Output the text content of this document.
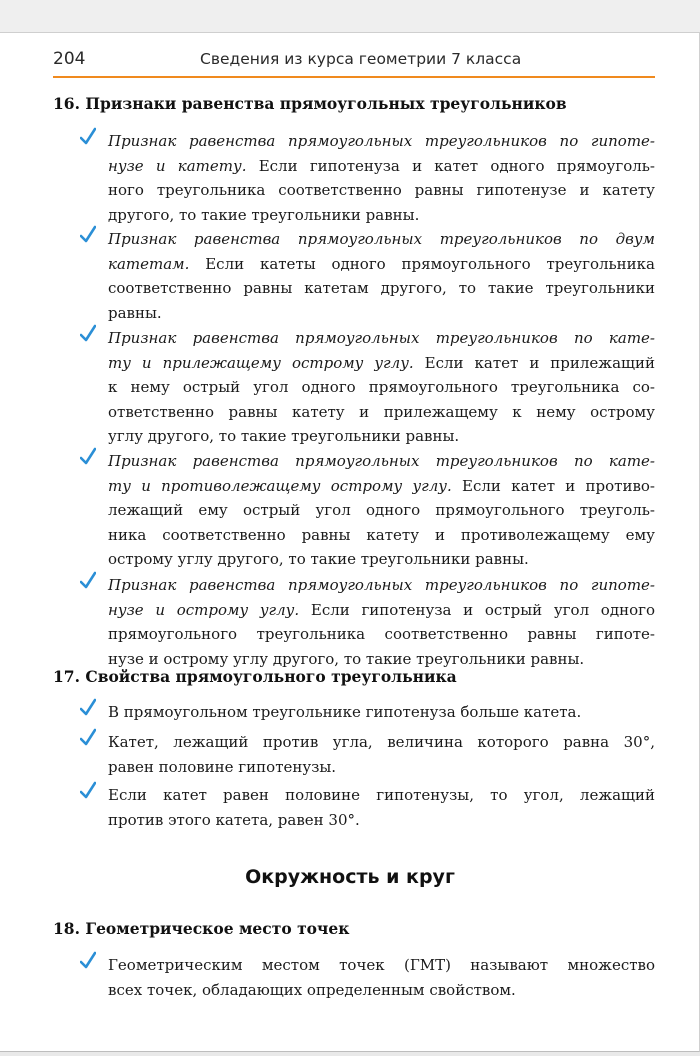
204	Сведения из курса геометрии 7 класса
16. Признаки равенства прямоугольных треугольников
Признак равенства прямоугольных треугольников по гипоте-
нузе и катету. Если гипотенуза и катет одного прямоуголь-
ного треугольника соответственно равны гипотенузе и катету
другого, то такие треугольники равны.
Признак равенства прямоугольных треугольников по двум
катетам. Если катеты одного прямоугольного треугольника
соответственно равны катетам другого, то такие треугольники
равны.
Признак равенства прямоугольных треугольников по кате-
ту и прилежащему острому углу. Если катет и прилежащий
к нему острый угол одного прямоугольного треугольника со-
ответственно равны катету и прилежащему к нему острому
углу другого, то такие треугольники равны.
Признак равенства прямоугольных треугольников по кате-
ту и противолежащему острому углу. Если катет и противо-
лежащий ему острый угол одного прямоугольного треуголь-
ника соответственно равны катету и противолежащему ему
острому углу другого, то такие треугольники равны.
Признак равенства прямоугольных треугольников по гипоте-
нузе и острому углу. Если гипотенуза и острый угол одного
прямоугольного треугольника соответственно равны гипоте-
нузе и острому углу другого, то такие треугольники равны.
17. Свойства прямоугольного треугольника
В прямоугольном треугольнике гипотенуза больше катета.
Катет, лежащий против угла, величина которого равна 30°,
равен половине гипотенузы.
Если катет равен половине гипотенузы, то угол, лежащий
против этого катета, равен 30°.
Окружность и круг
18. Геометрическое место точек
Геометрическим местом точек (ГМТ) называют множество
всех точек, обладающих определенным свойством.
